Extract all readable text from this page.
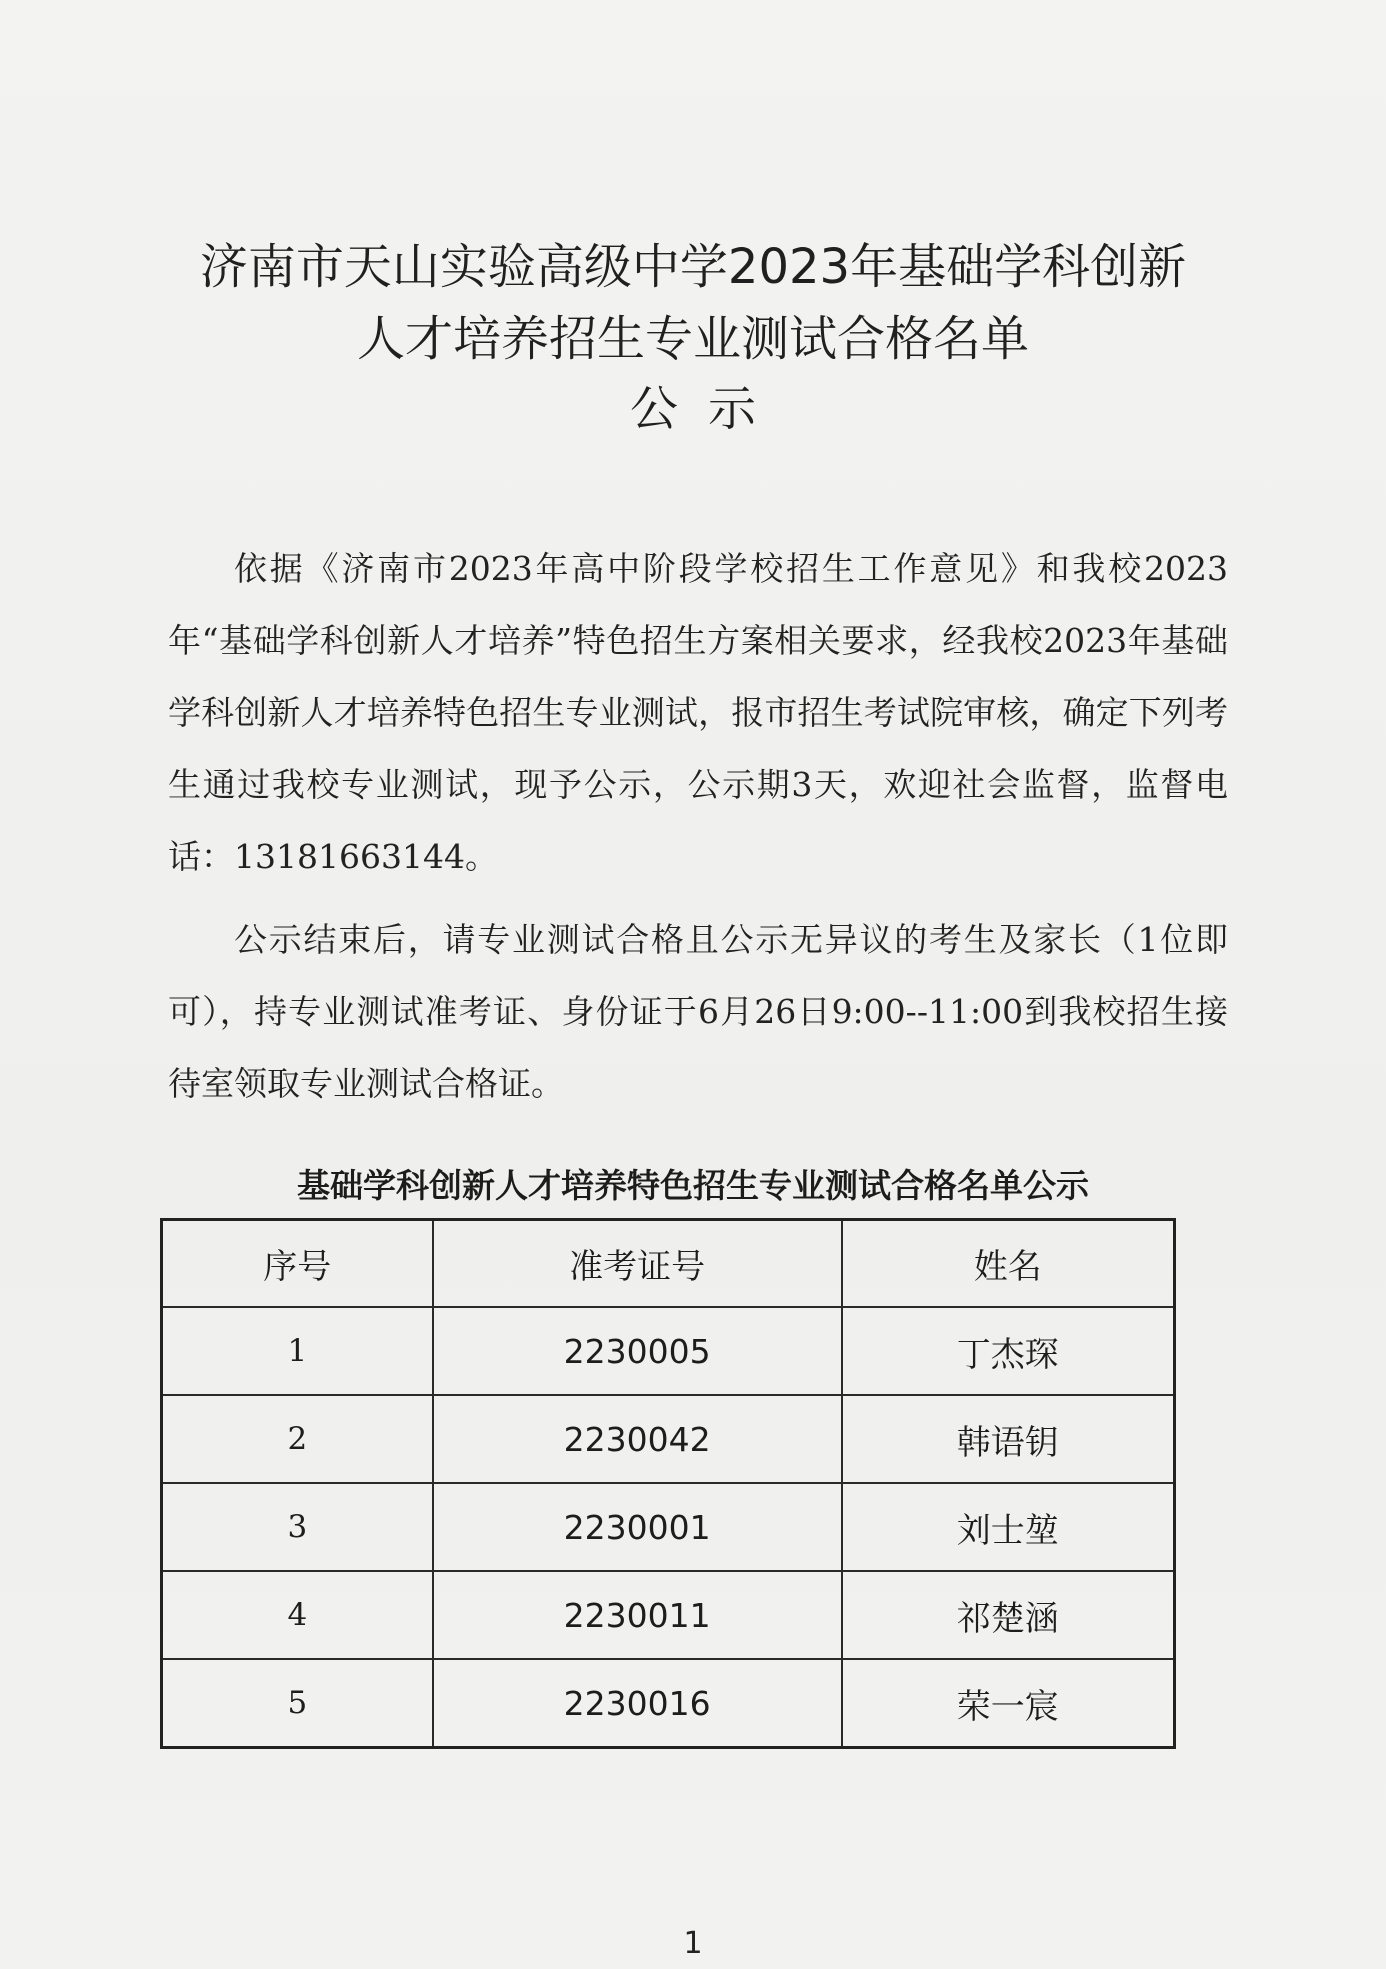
济南市天山实验高级中学2023年基础学科创新
人才培养招生专业测试合格名单
公示

依据《济南市2023年高中阶段学校招生工作意见》和我校2023年“基础学科创新人才培养”特色招生方案相关要求，经我校2023年基础学科创新人才培养特色招生专业测试，报市招生考试院审核，确定下列考生通过我校专业测试，现予公示，公示期3天，欢迎社会监督，监督电话：13181663144。

公示结束后，请专业测试合格且公示无异议的考生及家长（1位即可），持专业测试准考证、身份证于6月26日9:00--11:00到我校招生接待室领取专业测试合格证。

基础学科创新人才培养特色招生专业测试合格名单公示
序号	准考证号	姓名
1	2230005	丁杰琛
2	2230042	韩语钥
3	2230001	刘士堃
4	2230011	祁楚涵
5	2230016	荣一宸
1
